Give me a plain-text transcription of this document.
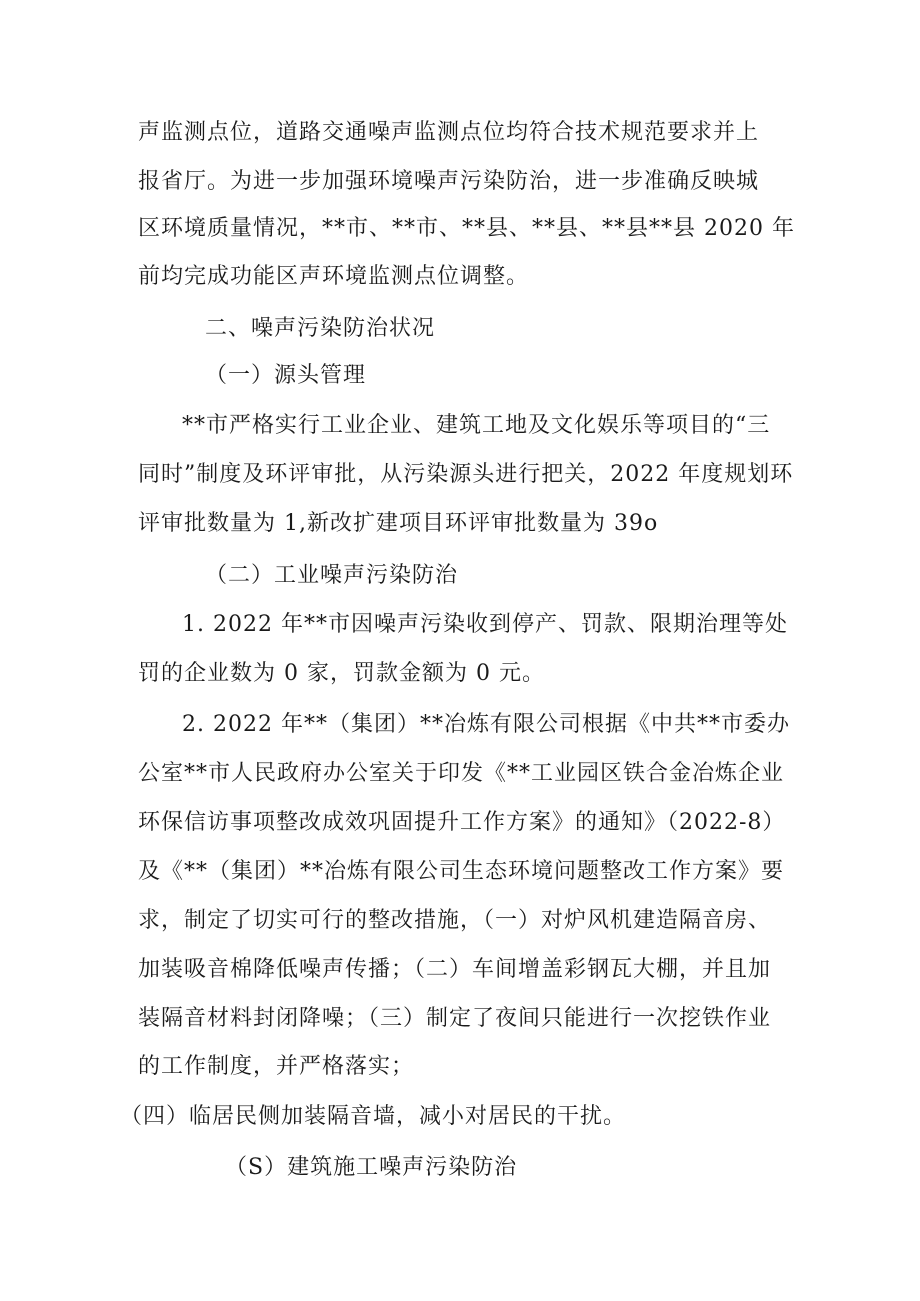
声监测点位，道路交通噪声监测点位均符合技术规范要求并上
报省厅。为进一步加强环境噪声污染防治，进一步准确反映城
区环境质量情况，**市、**市、**县、**县、**县**县 2020 年
前均完成功能区声环境监测点位调整。
二、噪声污染防治状况
（一）源头管理
**市严格实行工业企业、建筑工地及文化娱乐等项目的“三
同时”制度及环评审批，从污染源头进行把关，2022 年度规划环
评审批数量为 1,新改扩建项目环评审批数量为 39o
（二）工业噪声污染防治
1. 2022 年**市因噪声污染收到停产、罚款、限期治理等处
罚的企业数为 0 家，罚款金额为 0 元。
2. 2022 年**（集团）**冶炼有限公司根据《中共**市委办
公室**市人民政府办公室关于印发《**工业园区铁合金冶炼企业
环保信访事项整改成效巩固提升工作方案》的通知》（2022-8）
及《**（集团）**冶炼有限公司生态环境问题整改工作方案》要
求，制定了切实可行的整改措施，（一）对炉风机建造隔音房、
加装吸音棉降低噪声传播；（二）车间增盖彩钢瓦大棚，并且加
装隔音材料封闭降噪；（三）制定了夜间只能进行一次挖铁作业
的工作制度，并严格落实；
（四）临居民侧加装隔音墙，减小对居民的干扰。
（S）建筑施工噪声污染防治
